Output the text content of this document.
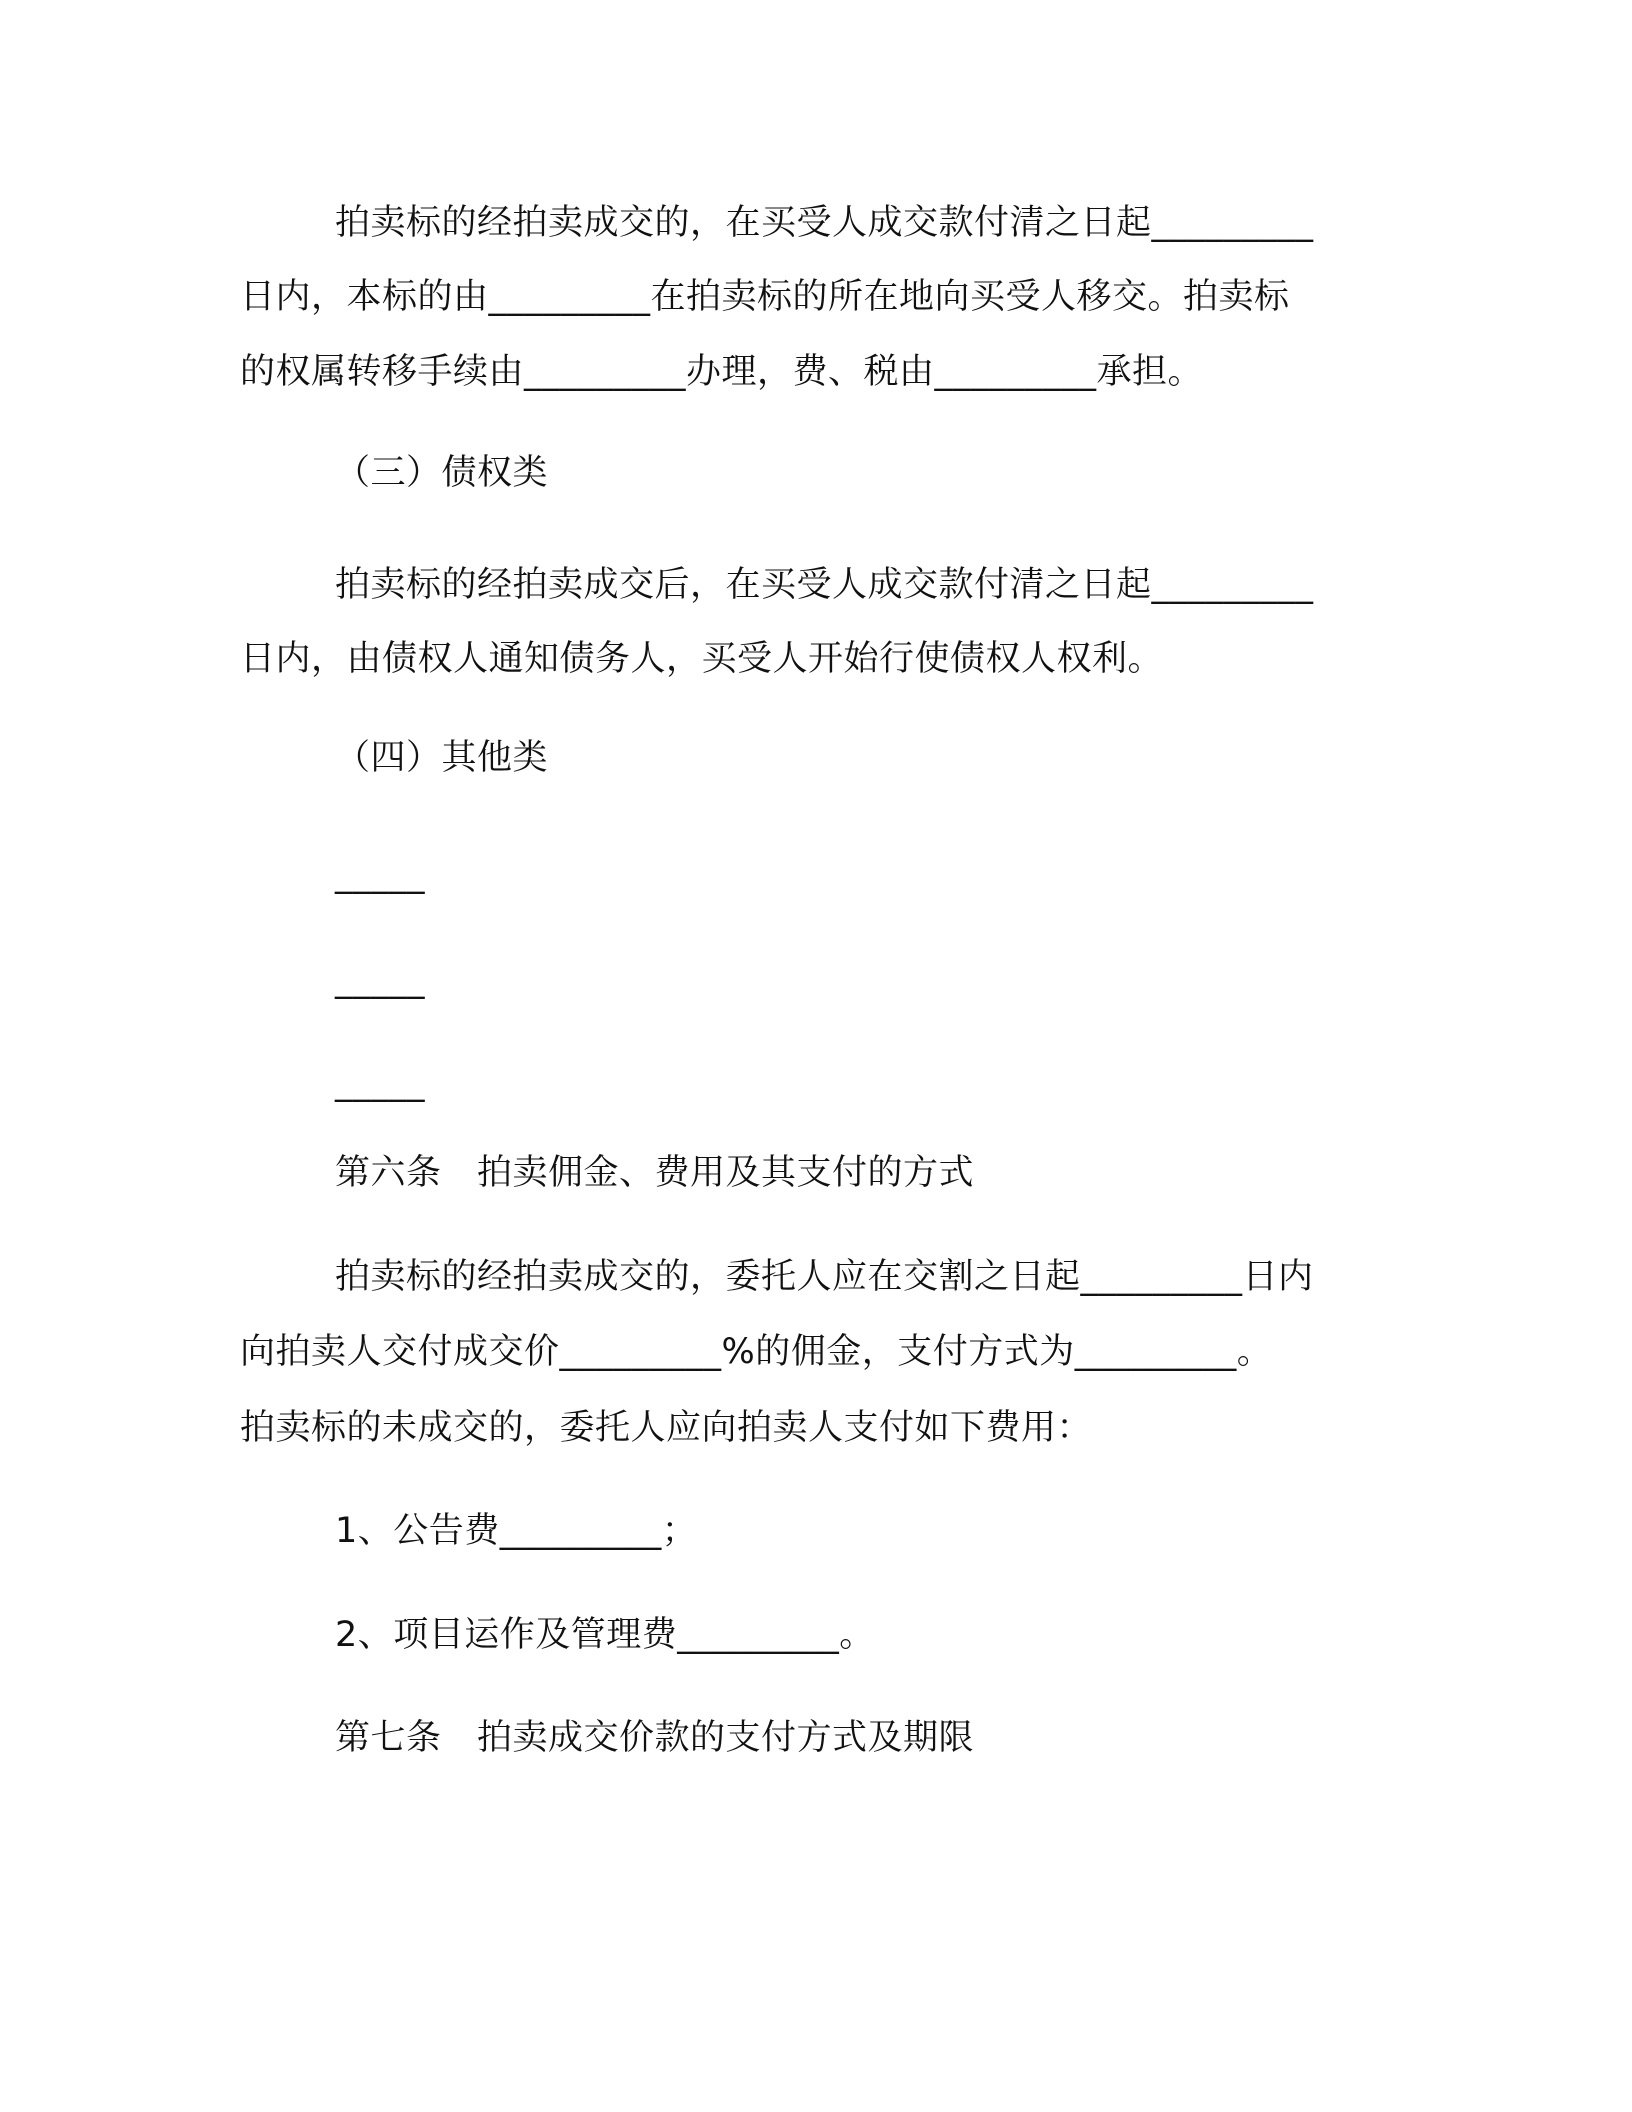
拍卖标的经拍卖成交的，在买受人成交款付清之日起_________
日内，本标的由_________在拍卖标的所在地向买受人移交。拍卖标
的权属转移手续由_________办理，费、税由_________承担。
（三）债权类
拍卖标的经拍卖成交后，在买受人成交款付清之日起_________
日内，由债权人通知债务人，买受人开始行使债权人权利。
（四）其他类
_____
_____
_____
第六条　拍卖佣金、费用及其支付的方式
拍卖标的经拍卖成交的，委托人应在交割之日起_________日内
向拍卖人交付成交价_________%的佣金，支付方式为_________。
拍卖标的未成交的，委托人应向拍卖人支付如下费用：
1、公告费_________；
2、项目运作及管理费_________。
第七条　拍卖成交价款的支付方式及期限
